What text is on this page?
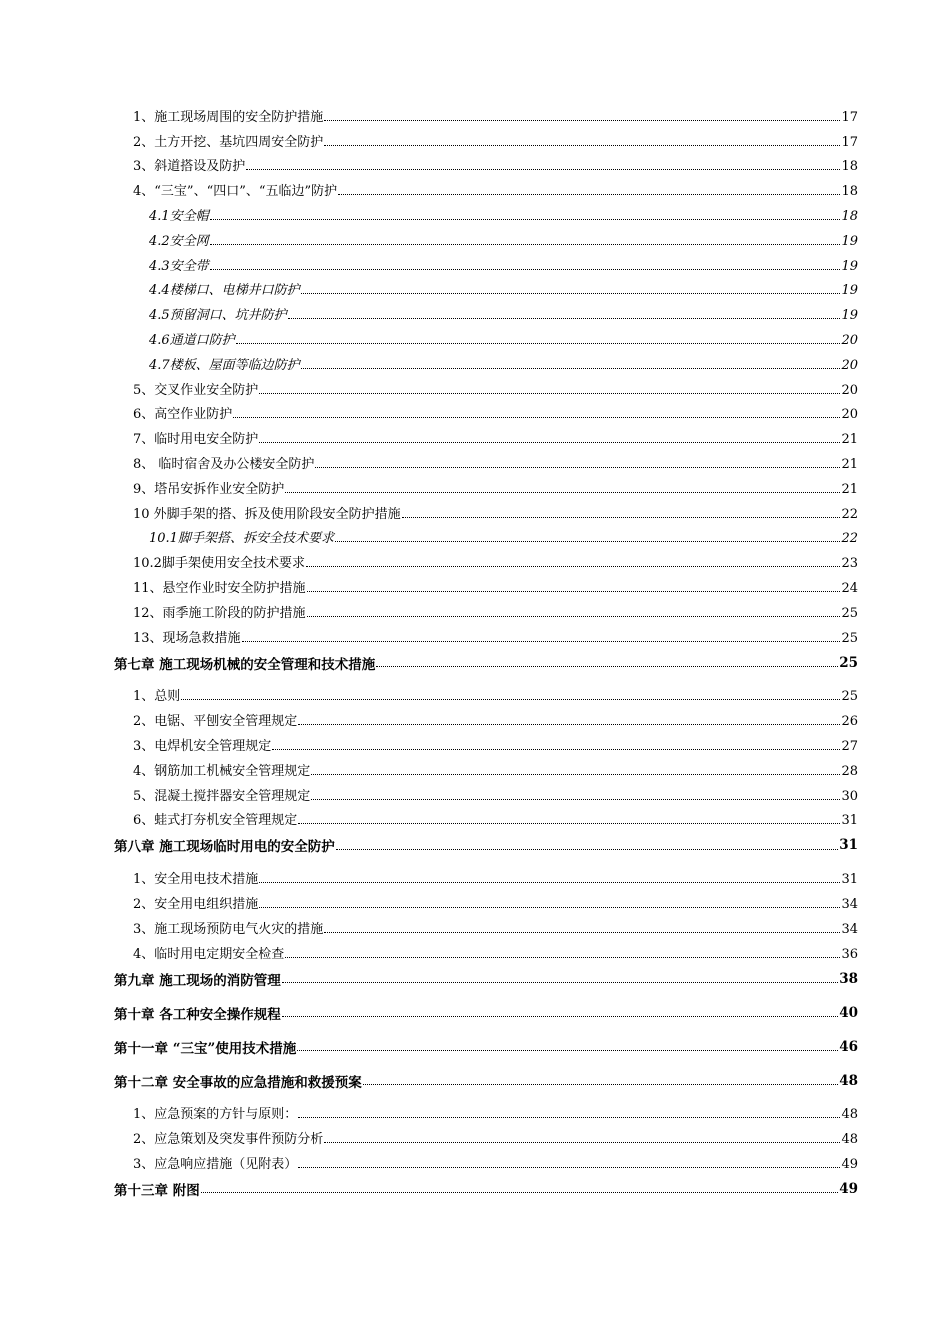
1、施工现场周围的安全防护措施	17
2、土方开挖、基坑四周安全防护	17
3、斜道搭设及防护	18
4、“三宝”、“四口”、“五临边”防护	18
4.1安全帽	18
4.2安全网	19
4.3安全带	19
4.4楼梯口、电梯井口防护	19
4.5预留洞口、坑井防护	19
4.6通道口防护	20
4.7楼板、屋面等临边防护	20
5、交叉作业安全防护	20
6、高空作业防护	20
7、临时用电安全防护	21
8、 临时宿舍及办公楼安全防护	21
9、塔吊安拆作业安全防护	21
10 外脚手架的搭、拆及使用阶段安全防护措施	22
10.1脚手架搭、拆安全技术要求	22
10.2脚手架使用安全技术要求	23
11、悬空作业时安全防护措施	24
12、雨季施工阶段的防护措施	25
13、现场急救措施	25
第七章 施工现场机械的安全管理和技术措施	25
1、总则	25
2、电锯、平刨安全管理规定	26
3、电焊机安全管理规定	27
4、钢筋加工机械安全管理规定	28
5、混凝土搅拌器安全管理规定	30
6、蛙式打夯机安全管理规定	31
第八章 施工现场临时用电的安全防护	31
1、安全用电技术措施	31
2、安全用电组织措施	34
3、施工现场预防电气火灾的措施	34
4、临时用电定期安全检查	36
第九章 施工现场的消防管理	38
第十章 各工种安全操作规程	40
第十一章 “三宝”使用技术措施	46
第十二章 安全事故的应急措施和救援预案	48
1、应急预案的方针与原则：	48
2、应急策划及突发事件预防分析	48
3、应急响应措施（见附表）	49
第十三章 附图	49
